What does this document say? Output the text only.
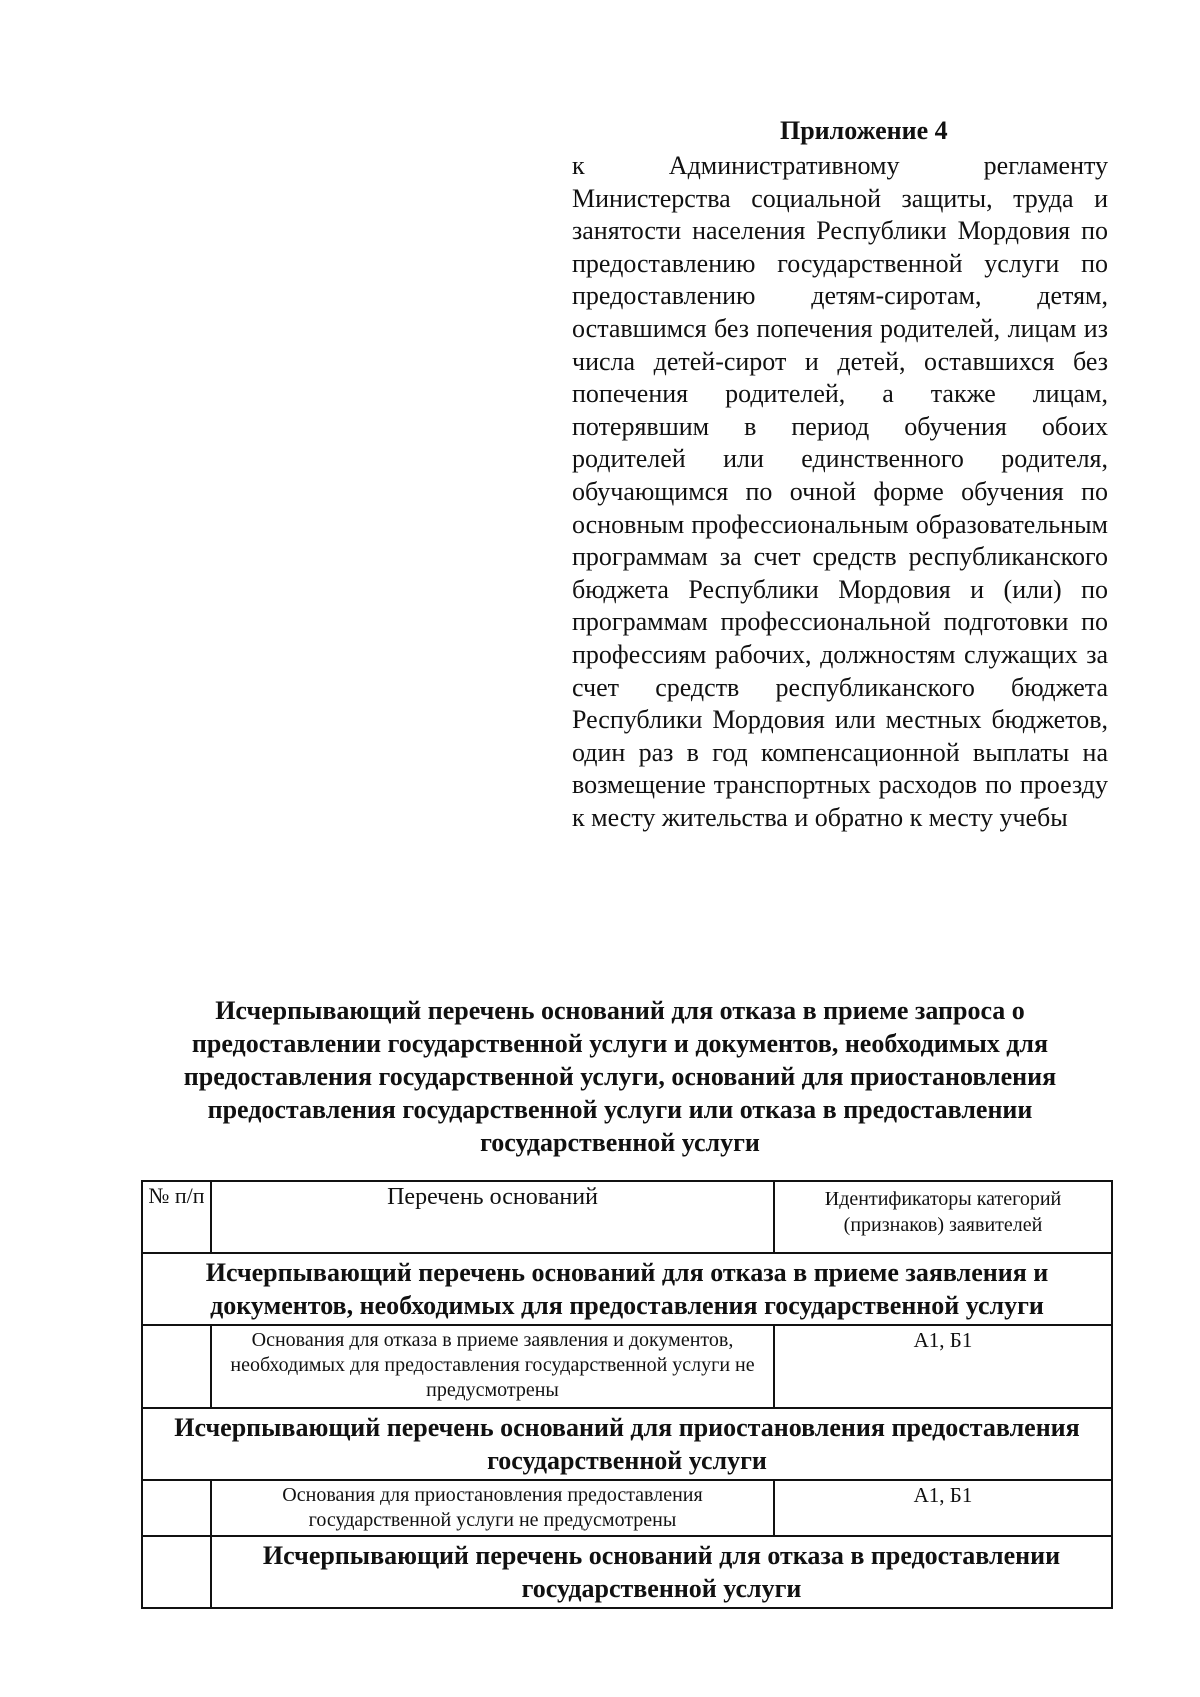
Приложение 4

к Административному регламенту Министерства социальной защиты, труда и занятости населения Республики Мордовия по предоставлению государственной услуги по предоставлению детям-сиротам, детям, оставшимся без попечения родителей, лицам из числа детей-сирот и детей, оставшихся без попечения родителей, а также лицам, потерявшим в период обучения обоих родителей или единственного родителя, обучающимся по очной форме обучения по основным профессиональным образовательным программам за счет средств республиканского бюджета Республики Мордовия и (или) по программам профессиональной подготовки по профессиям рабочих, должностям служащих за счет средств республиканского бюджета Республики Мордовия или местных бюджетов, один раз в год компенсационной выплаты на возмещение транспортных расходов по проезду к месту жительства и обратно к месту учебы

Исчерпывающий перечень оснований для отказа в приеме запроса о предоставлении государственной услуги и документов, необходимых для предоставления государственной услуги, оснований для приостановления предоставления государственной услуги или отказа в предоставлении государственной услуги
№ п/п	Перечень оснований	Идентификаторы категорий (признаков) заявителей
Исчерпывающий перечень оснований для отказа в приеме заявления и документов, необходимых для предоставления государственной услуги		
	Основания для отказа в приеме заявления и документов, необходимых для предоставления государственной услуги не предусмотрены	А1, Б1
Исчерпывающий перечень оснований для приостановления предоставления государственной услуги		
	Основания для приостановления предоставления государственной услуги не предусмотрены	А1, Б1
	Исчерпывающий перечень оснований для отказа в предоставлении государственной услуги	
